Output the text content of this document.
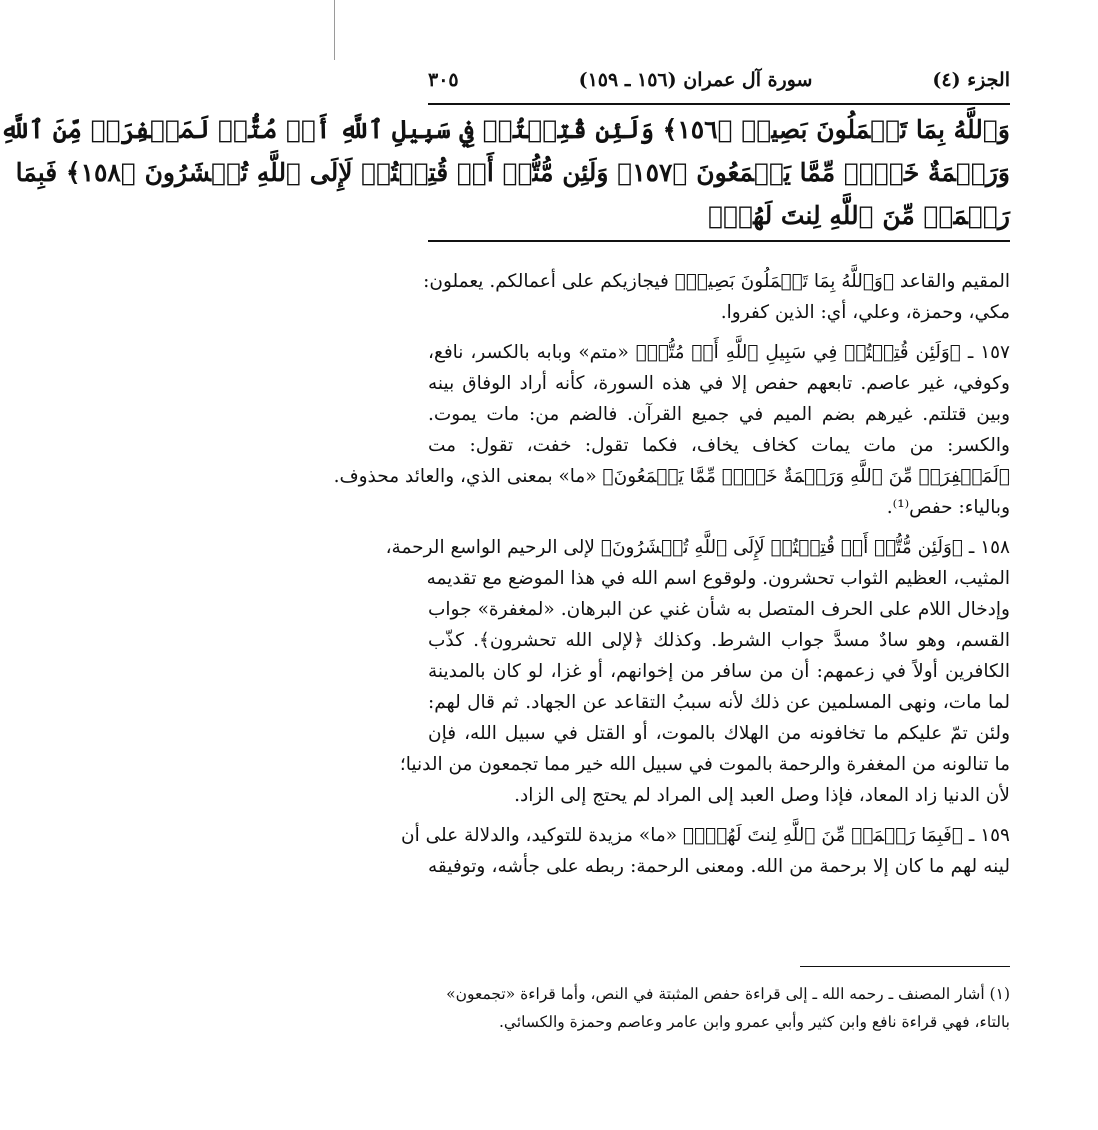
الجزء (٤)
سورة آل عمران (١٥٦ ـ ١٥٩)
٣٠٥
وَٱللَّهُ بِمَا تَعۡمَلُونَ بَصِيرٞ ﴿١٥٦﴾ وَلَئِن قُتِلۡتُمۡ فِي سَبِيلِ ٱللَّهِ أَوۡ مُتُّمۡ لَمَغۡفِرَةٞ مِّنَ ٱللَّهِ
وَرَحۡمَةٌ خَيۡرٞ مِّمَّا يَجۡمَعُونَ ﴿١٥٧﴾ وَلَئِن مُّتُّمۡ أَوۡ قُتِلۡتُمۡ لَإِلَى ٱللَّهِ تُحۡشَرُونَ ﴿١٥٨﴾ فَبِمَا
رَحۡمَةٖ مِّنَ ٱللَّهِ لِنتَ لَهُمۡۖ

المقيم والقاعد ﴿وَٱللَّهُ بِمَا تَعۡمَلُونَ بَصِيرٞ﴾ فيجازيكم على أعمالكم. يعملون:
مكي، وحمزة، وعلي، أي: الذين كفروا.

١٥٧ ـ ﴿وَلَئِن قُتِلۡتُمۡ فِي سَبِيلِ ٱللَّهِ أَوۡ مُتُّمۡ﴾ «متم» وبابه بالكسر، نافع،
وكوفي، غير عاصم. تابعهم حفص إلا في هذه السورة، كأنه أراد الوفاق بينه
وبين قتلتم. غيرهم بضم الميم في جميع القرآن. فالضم من: مات يموت.
والكسر: من مات يمات كخاف يخاف، فكما تقول: خفت، تقول: مت
﴿لَمَغۡفِرَةٞ مِّنَ ٱللَّهِ وَرَحۡمَةٌ خَيۡرٞ مِّمَّا يَجۡمَعُونَ﴾ «ما» بمعنى الذي، والعائد محذوف.
وبالياء: حفص⁽¹⁾.

١٥٨ ـ ﴿وَلَئِن مُّتُّمۡ أَوۡ قُتِلۡتُمۡ لَإِلَى ٱللَّهِ تُحۡشَرُونَ﴾ لإلى الرحيم الواسع الرحمة،
المثيب، العظيم الثواب تحشرون. ولوقوع اسم الله في هذا الموضع مع تقديمه
وإدخال اللام على الحرف المتصل به شأن غني عن البرهان. «لمغفرة» جواب
القسم، وهو سادٌ مسدَّ جواب الشرط. وكذلك ﴿لإلى الله تحشرون﴾. كذّب
الكافرين أولاً في زعمهم: أن من سافر من إخوانهم، أو غزا، لو كان بالمدينة
لما مات، ونهى المسلمين عن ذلك لأنه سببُ التقاعد عن الجهاد. ثم قال لهم:
ولئن تمّ عليكم ما تخافونه من الهلاك بالموت، أو القتل في سبيل الله، فإن
ما تنالونه من المغفرة والرحمة بالموت في سبيل الله خير مما تجمعون من الدنيا؛
لأن الدنيا زاد المعاد، فإذا وصل العبد إلى المراد لم يحتج إلى الزاد.

١٥٩ ـ ﴿فَبِمَا رَحۡمَةٖ مِّنَ ٱللَّهِ لِنتَ لَهُمۡۖ﴾ «ما» مزيدة للتوكيد، والدلالة على أن
لينه لهم ما كان إلا برحمة من الله. ومعنى الرحمة: ربطه على جأشه، وتوفيقه

(١) أشار المصنف ـ رحمه الله ـ إلى قراءة حفص المثبتة في النص، وأما قراءة «تجمعون»
بالتاء، فهي قراءة نافع وابن كثير وأبي عمرو وابن عامر وعاصم وحمزة والكسائي.
